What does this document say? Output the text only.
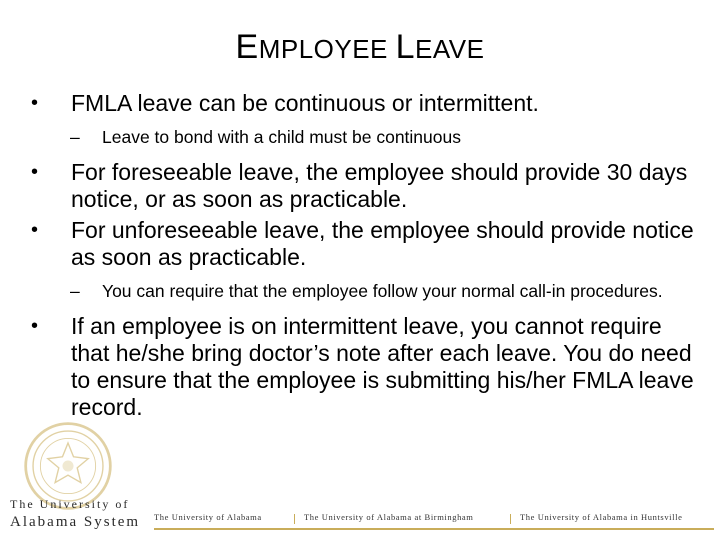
EMPLOYEE LEAVE
• FMLA leave can be continuous or intermittent.
– Leave to bond with a child must be continuous
• For foreseeable leave, the employee should provide 30 days notice, or as soon as practicable.
• For unforeseeable leave, the employee should provide notice as soon as practicable.
– You can require that the employee follow your normal call-in procedures.
• If an employee is on intermittent leave, you cannot require that he/she bring doctor’s note after each leave. You do need to ensure that the employee is submitting his/her FMLA leave record.
The University of
Alabama System	The University of Alabama	The University of Alabama at Birmingham	The University of Alabama in Huntsville
